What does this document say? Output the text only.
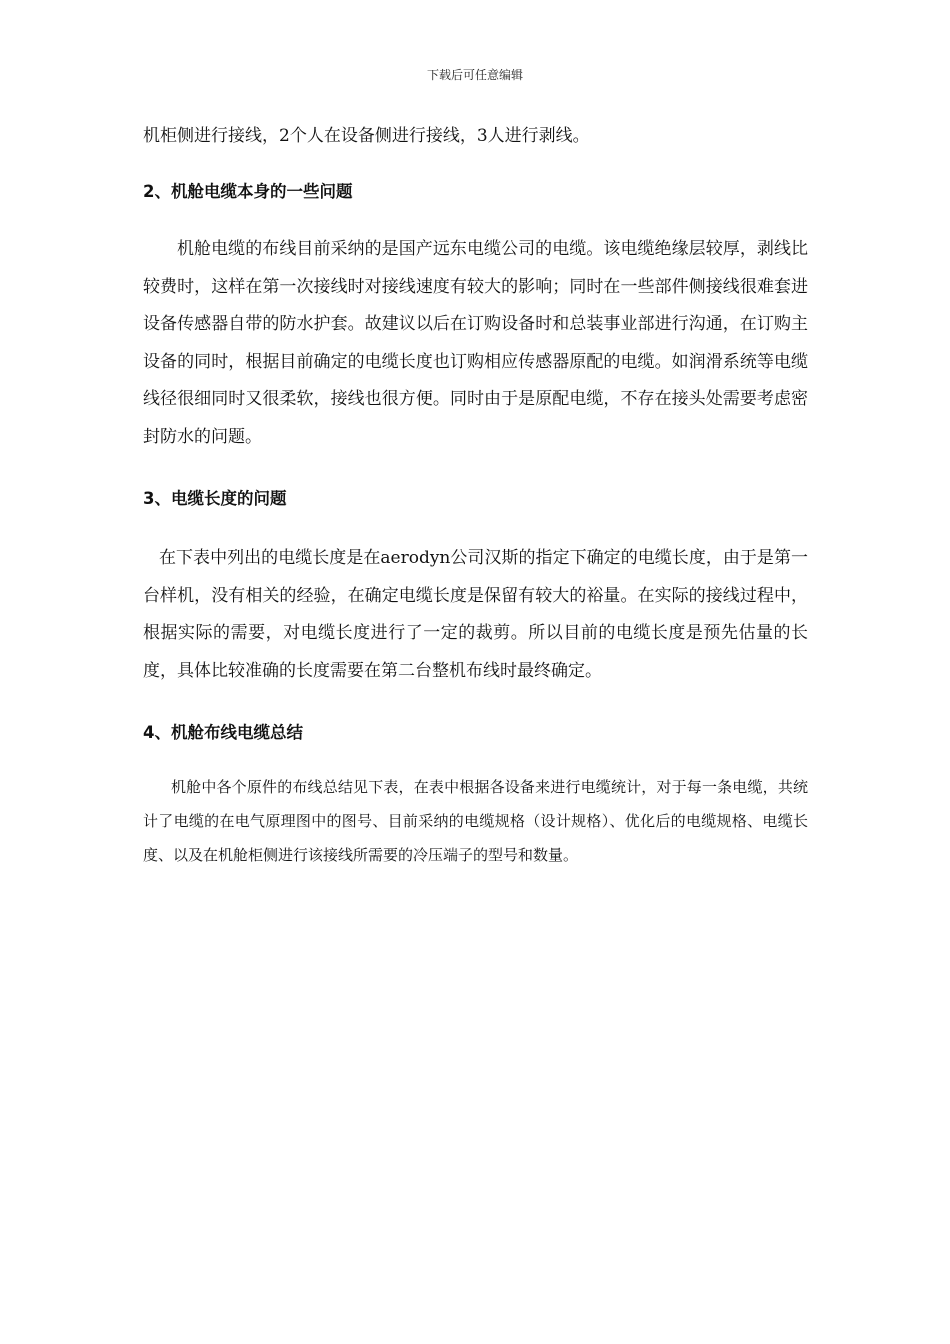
下载后可任意编辑

机柜侧进行接线，2个人在设备侧进行接线，3人进行剥线。

2、机舱电缆本身的一些问题

机舱电缆的布线目前采纳的是国产远东电缆公司的电缆。该电缆绝缘层较厚，剥线比较费时，这样在第一次接线时对接线速度有较大的影响；同时在一些部件侧接线很难套进设备传感器自带的防水护套。故建议以后在订购设备时和总装事业部进行沟通，在订购主设备的同时，根据目前确定的电缆长度也订购相应传感器原配的电缆。如润滑系统等电缆线径很细同时又很柔软，接线也很方便。同时由于是原配电缆，不存在接头处需要考虑密封防水的问题。

3、电缆长度的问题

在下表中列出的电缆长度是在aerodyn公司汉斯的指定下确定的电缆长度，由于是第一台样机，没有相关的经验，在确定电缆长度是保留有较大的裕量。在实际的接线过程中，根据实际的需要，对电缆长度进行了一定的裁剪。所以目前的电缆长度是预先估量的长度，具体比较准确的长度需要在第二台整机布线时最终确定。

4、机舱布线电缆总结

机舱中各个原件的布线总结见下表，在表中根据各设备来进行电缆统计，对于每一条电缆，共统计了电缆的在电气原理图中的图号、目前采纳的电缆规格（设计规格）、优化后的电缆规格、电缆长度、以及在机舱柜侧进行该接线所需要的冷压端子的型号和数量。
